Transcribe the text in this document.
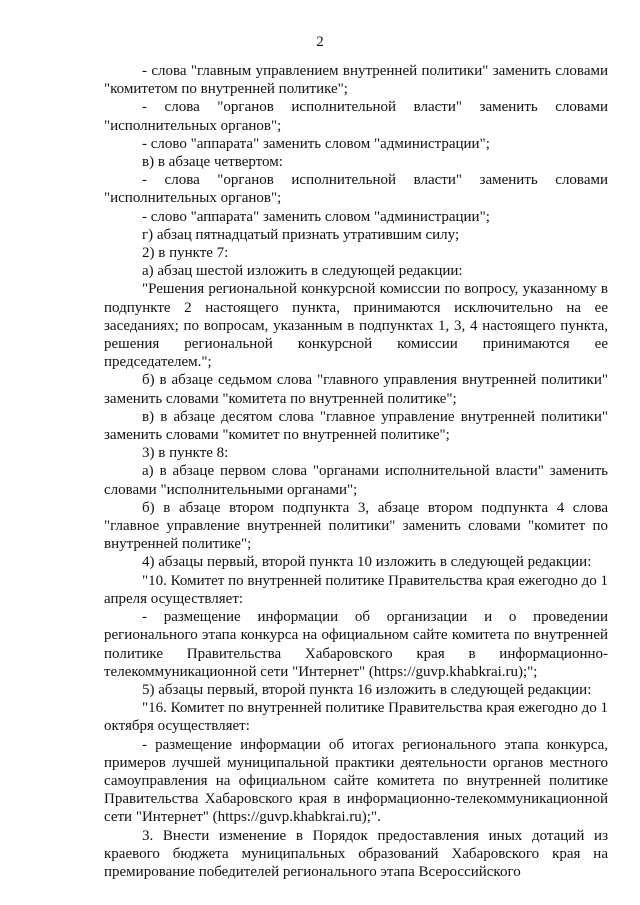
2

- слова "главным управлением внутренней политики" заменить словами "комитетом по внутренней политике";

- слова "органов исполнительной власти" заменить словами "исполнительных органов";

- слово "аппарата" заменить словом "администрации";

в) в абзаце четвертом:

- слова "органов исполнительной власти" заменить словами "исполнительных органов";

- слово "аппарата" заменить словом "администрации";

г) абзац пятнадцатый признать утратившим силу;

2) в пункте 7:

а) абзац шестой изложить в следующей редакции:

"Решения региональной конкурсной комиссии по вопросу, указанному в подпункте 2 настоящего пункта, принимаются исключительно на ее заседаниях; по вопросам, указанным в подпунктах 1, 3, 4 настоящего пункта, решения региональной конкурсной комиссии принимаются ее председателем.";

б) в абзаце седьмом слова "главного управления внутренней политики" заменить словами "комитета по внутренней политике";

в) в абзаце десятом слова "главное управление внутренней политики" заменить словами "комитет по внутренней политике";

3) в пункте 8:

а) в абзаце первом слова "органами исполнительной власти" заменить словами "исполнительными органами";

б) в абзаце втором подпункта 3, абзаце втором подпункта 4 слова "главное управление внутренней политики" заменить словами "комитет по внутренней политике";

4) абзацы первый, второй пункта 10 изложить в следующей редакции:

"10. Комитет по внутренней политике Правительства края ежегодно до 1 апреля осуществляет:

- размещение информации об организации и о проведении регионального этапа конкурса на официальном сайте комитета по внутренней политике Правительства Хабаровского края в информационно-телекоммуникационной сети "Интернет" (https://guvp.khabkrai.ru);";

5) абзацы первый, второй пункта 16 изложить в следующей редакции:

"16. Комитет по внутренней политике Правительства края ежегодно до 1 октября осуществляет:

- размещение информации об итогах регионального этапа конкурса, примеров лучшей муниципальной практики деятельности органов местного самоуправления на официальном сайте комитета по внутренней политике Правительства Хабаровского края в информационно-телекоммуникационной сети "Интернет" (https://guvp.khabkrai.ru);".

3. Внести изменение в Порядок предоставления иных дотаций из краевого бюджета муниципальных образований Хабаровского края на премирование победителей регионального этапа Всероссийского
